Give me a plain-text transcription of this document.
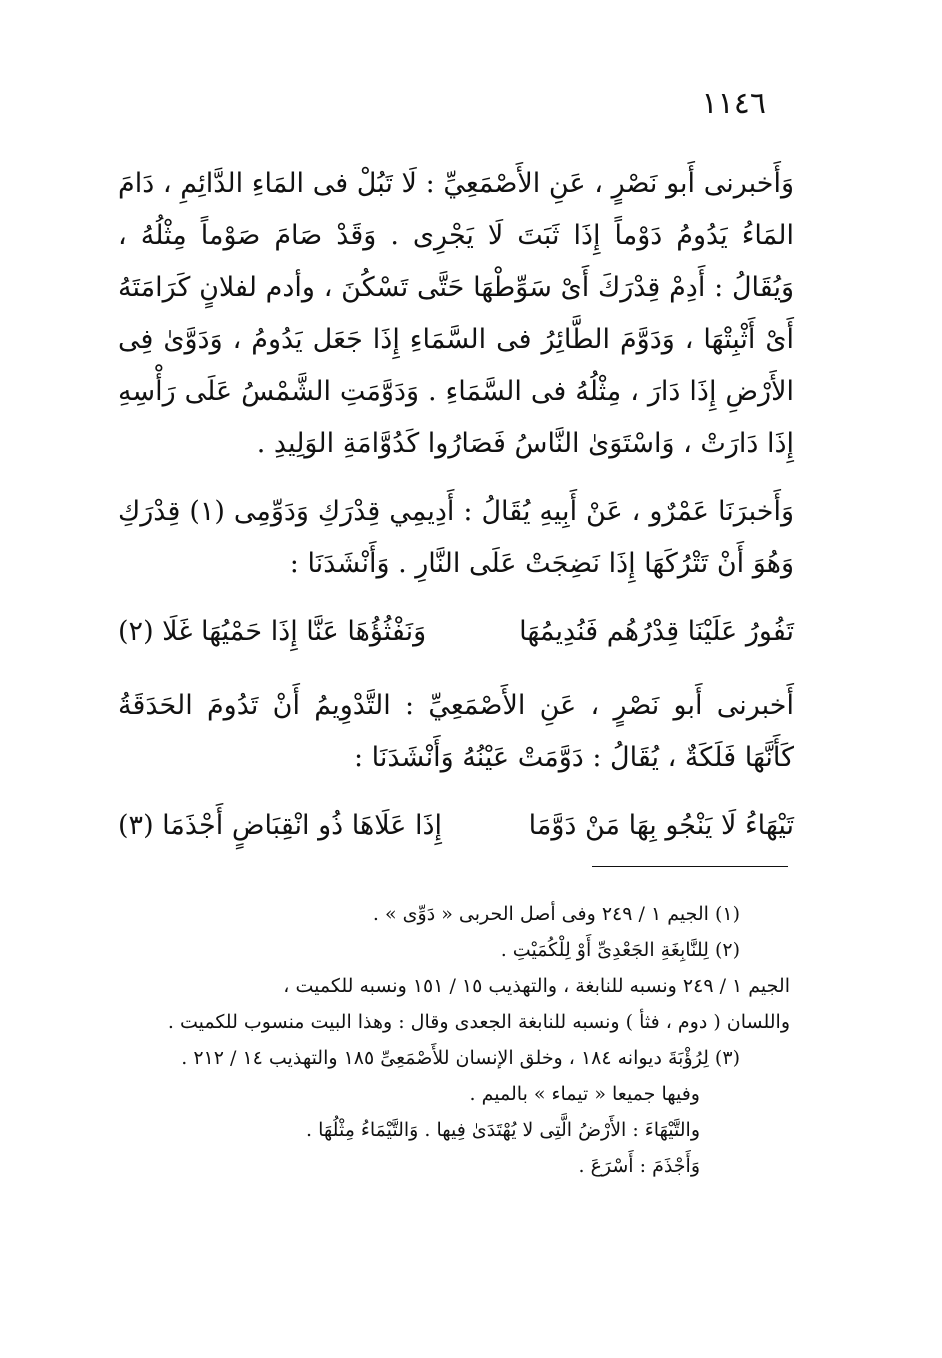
١١٤٦

وَأَخبرنى أَبو نَصْرٍ ، عَنِ الأَصْمَعِيِّ : لَا تَبُلْ فى المَاءِ الدَّائِمِ ، دَامَ المَاءُ يَدُومُ دَوْماً إِذَا ثَبَتَ لَا يَجْرِى . وَقَدْ صَامَ صَوْماً مِثْلُهُ ، وَيُقَالُ : أَدِمْ قِدْرَكَ أَىْ سَوِّطْهَا حَتَّى تَسْكُنَ ، وأدم لفلانٍ كَرَامَتَهُ أَىْ أَثْبِتْهَا ، وَدَوَّمَ الطَّائِرُ فى السَّمَاءِ إِذَا جَعَل يَدُومُ ، وَدَوَّىٰ فِى الأَرْضِ إِذَا دَارَ ، مِثْلُهُ فى السَّمَاءِ . وَدَوَّمَتِ الشَّمْسُ عَلَى رَأْسِهِ إِذَا دَارَتْ ، وَاسْتَوَىٰ النَّاسُ فَصَارُوا كَدُوَّامَةِ الوَلِيدِ .

وَأَخبرَنَا عَمْرٌو ، عَنْ أَبِيهِ يُقَالُ : أَدِيمِي قِدْرَكِ وَدَوِّمِى (١) قِدْرَكِ وَهُوَ أَنْ تَتْرُكَهَا إِذَا نَضِجَتْ عَلَى النَّارِ . وَأَنْشَدَنَا :

تَفُورُ عَلَيْنَا قِدْرُهُم فَنُدِيمُهَا
وَنَفْثُؤُهَا عَنَّا إِذَا حَمْيُهَا غَلَا (٢)

أَخبرنى أَبو نَصْرٍ ، عَنِ الأَصْمَعِيِّ : التَّدْوِيمُ أَنْ تَدُومَ الحَدَقَةُ كَأَنَّهَا فَلَكَةٌ ، يُقَالُ : دَوَّمَتْ عَيْنُهُ وَأَنْشَدَنَا :

تَيْهَاءُ لَا يَنْجُو بِهَا مَنْ دَوَّمَا
إِذَا عَلَاهَا ذُو انْقِبَاضٍ أَجْذَمَا (٣)

(١) الجيم ١ / ٢٤٩ وفى أصل الحربى « دَوِّى » .

(٢) لِلنَّابِغَةِ الجَعْدِىِّ أَوْ لِلْكُمَيْتِ .

الجيم ١ / ٢٤٩ ونسبه للنابغة ، والتهذيب ١٥ / ١٥١ ونسبه للكميت ،

واللسان ( دوم ، فثأ ) ونسبه للنابغة الجعدى وقال : وهذا البيت منسوب للكميت .

(٣) لِرُؤْبَةَ ديوانه ١٨٤ ، وخلق الإنسان للأَصْمَعِىِّ ١٨٥ والتهذيب ١٤ / ٢١٢ .

وفيها جميعا « تيماء » بالميم .

والتَّيْهَاءَ : الأَرْضُ الَّتِى لا يُهْتَدَىٰ فِيها . وَالتَّيْمَاءُ مِثْلُهَا .

وَأَجْذَمَ : أَسْرَعَ .
